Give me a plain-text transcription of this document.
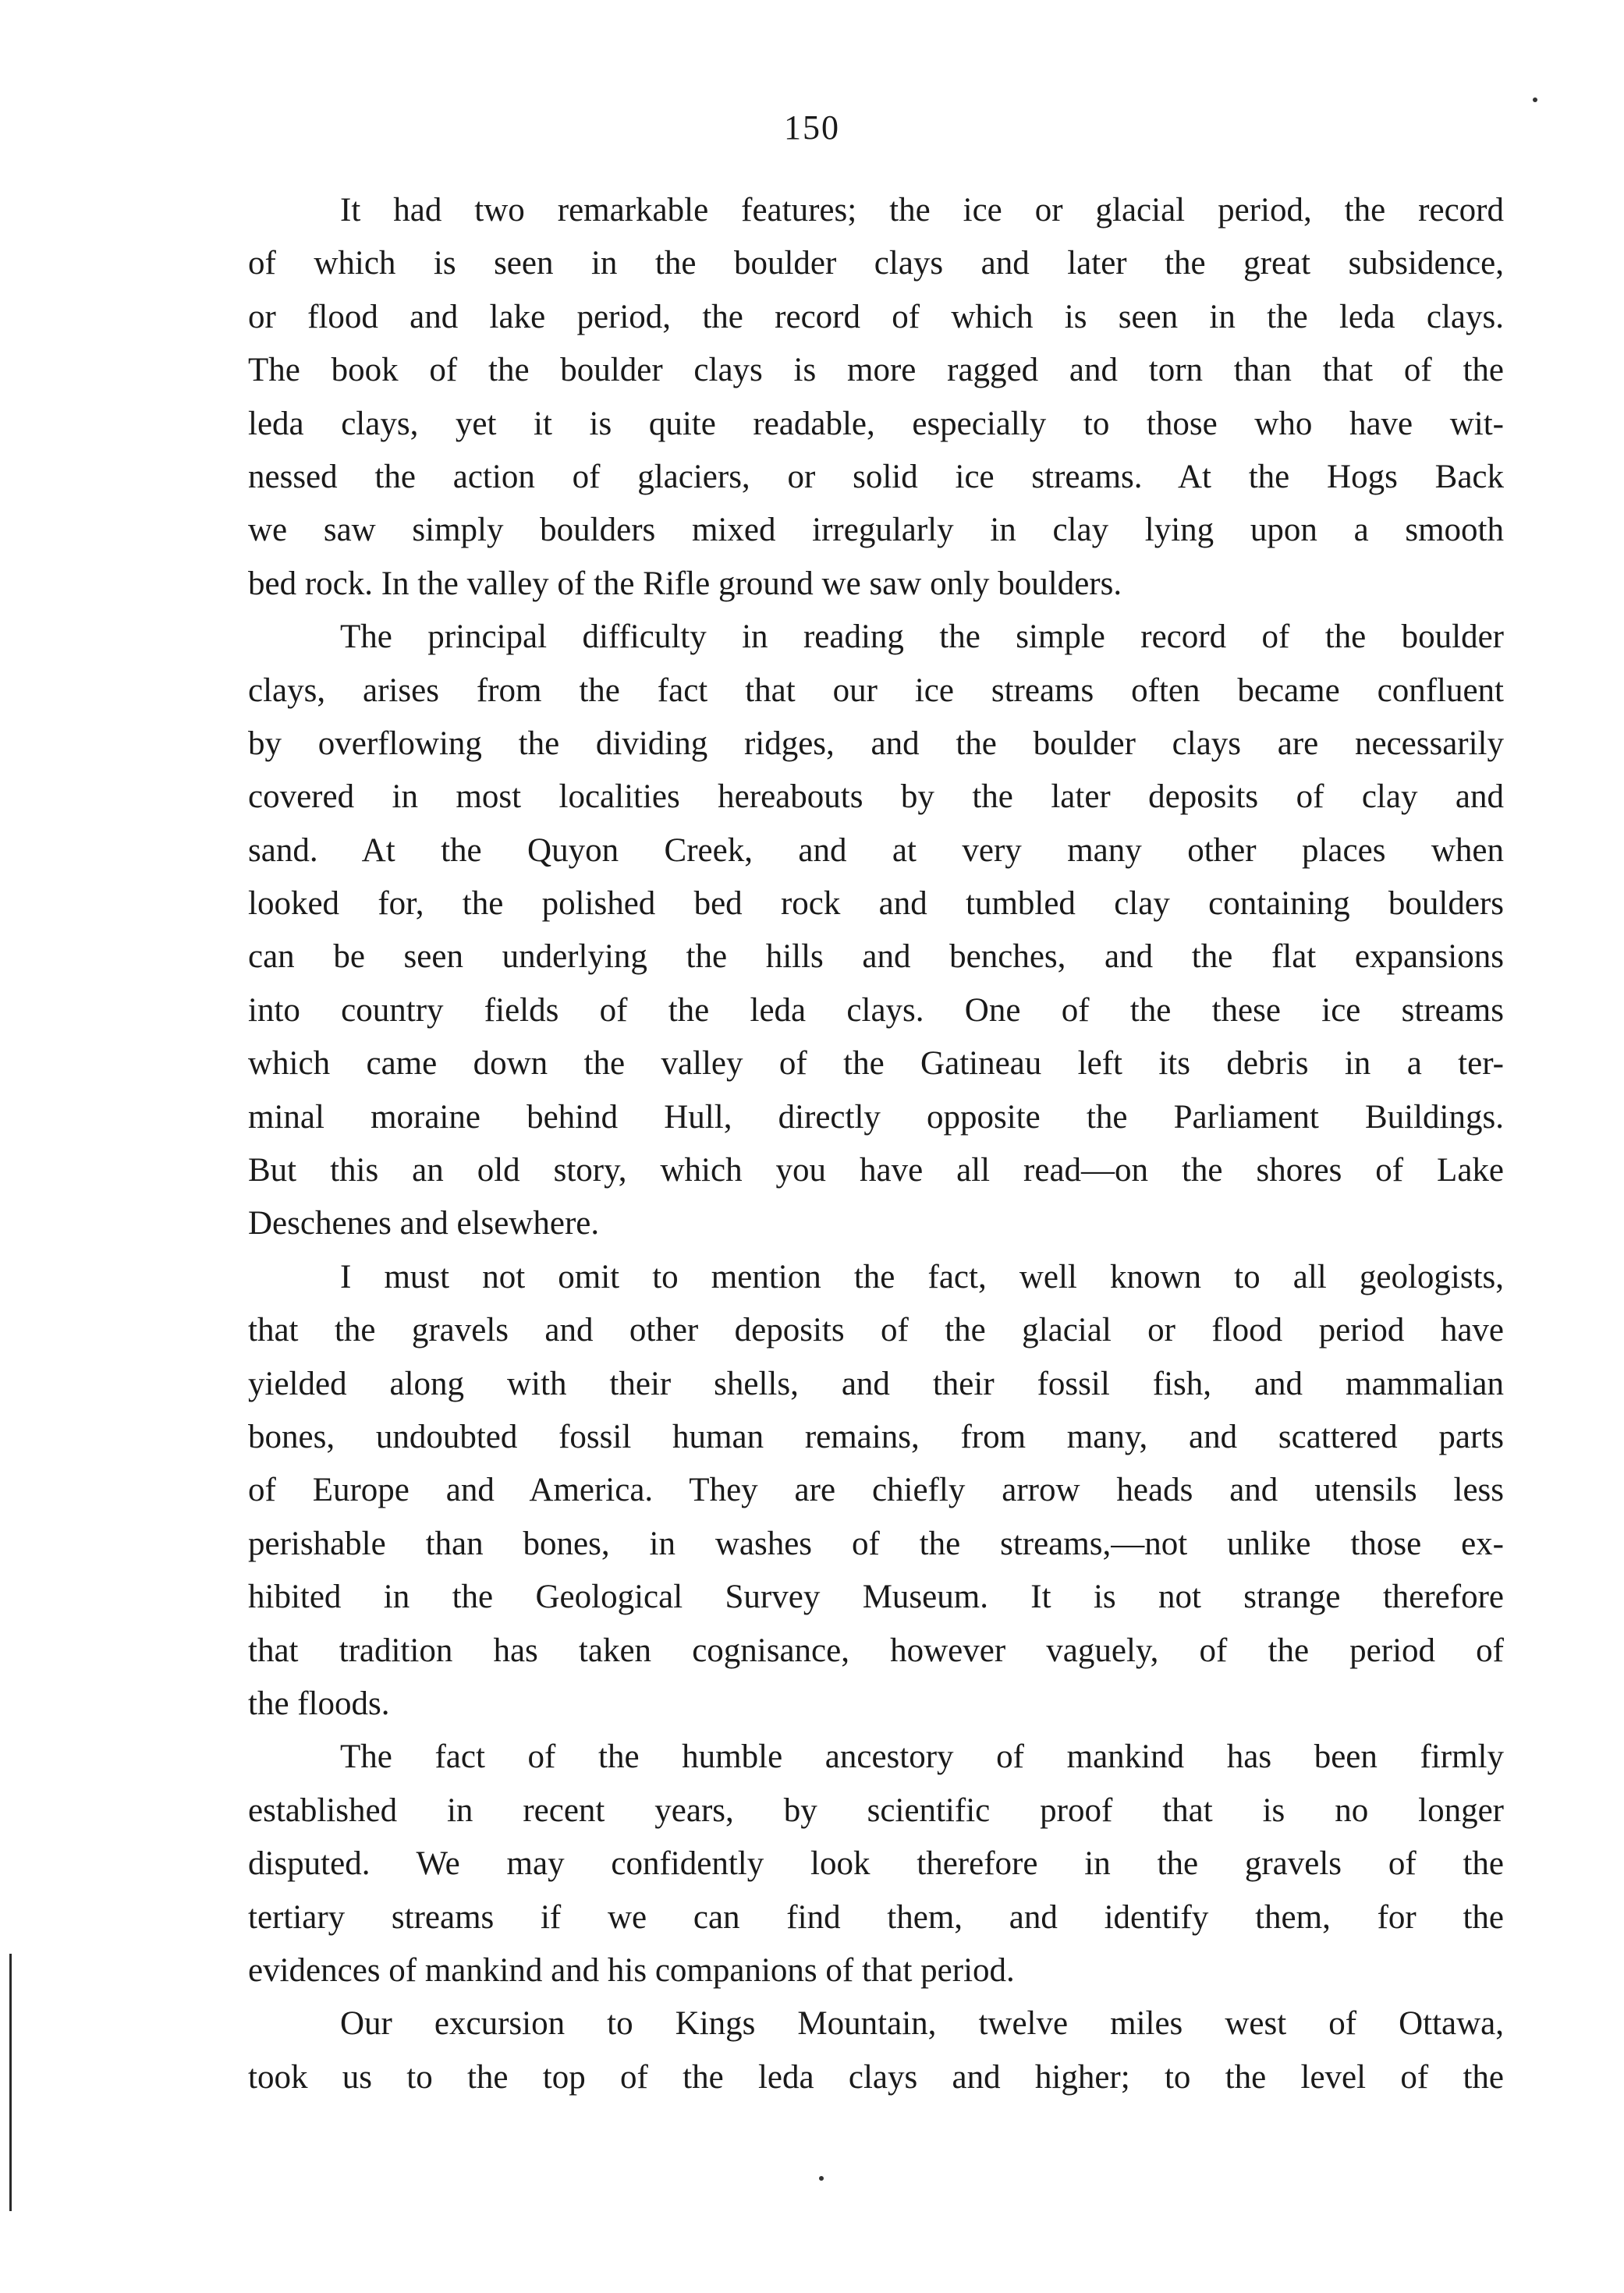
150
It had two remarkable features; the ice or glacial period, the record
of which is seen in the boulder clays and later the great subsidence,
or flood and lake period, the record of which is seen in the leda clays.
The book of the boulder clays is more ragged and torn than that of the
leda clays, yet it is quite readable, especially to those who have wit-
nessed the action of glaciers, or solid ice streams. At the Hogs Back
we saw simply boulders mixed irregularly in clay lying upon a smooth
bed rock. In the valley of the Rifle ground we saw only boulders.
The principal difficulty in reading the simple record of the boulder
clays, arises from the fact that our ice streams often became confluent
by overflowing the dividing ridges, and the boulder clays are necessarily
covered in most localities hereabouts by the later deposits of clay and
sand. At the Quyon Creek, and at very many other places when
looked for, the polished bed rock and tumbled clay containing boulders
can be seen underlying the hills and benches, and the flat expansions
into country fields of the leda clays. One of the these ice streams
which came down the valley of the Gatineau left its debris in a ter-
minal moraine behind Hull, directly opposite the Parliament Buildings.
But this an old story, which you have all read—on the shores of Lake
Deschenes and elsewhere.
I must not omit to mention the fact, well known to all geologists,
that the gravels and other deposits of the glacial or flood period have
yielded along with their shells, and their fossil fish, and mammalian
bones, undoubted fossil human remains, from many, and scattered parts
of Europe and America. They are chiefly arrow heads and utensils less
perishable than bones, in washes of the streams,—not unlike those ex-
hibited in the Geological Survey Museum. It is not strange therefore
that tradition has taken cognisance, however vaguely, of the period of
the floods.
The fact of the humble ancestory of mankind has been firmly
established in recent years, by scientific proof that is no longer
disputed. We may confidently look therefore in the gravels of the
tertiary streams if we can find them, and identify them, for the
evidences of mankind and his companions of that period.
Our excursion to Kings Mountain, twelve miles west of Ottawa,
took us to the top of the leda clays and higher; to the level of the
